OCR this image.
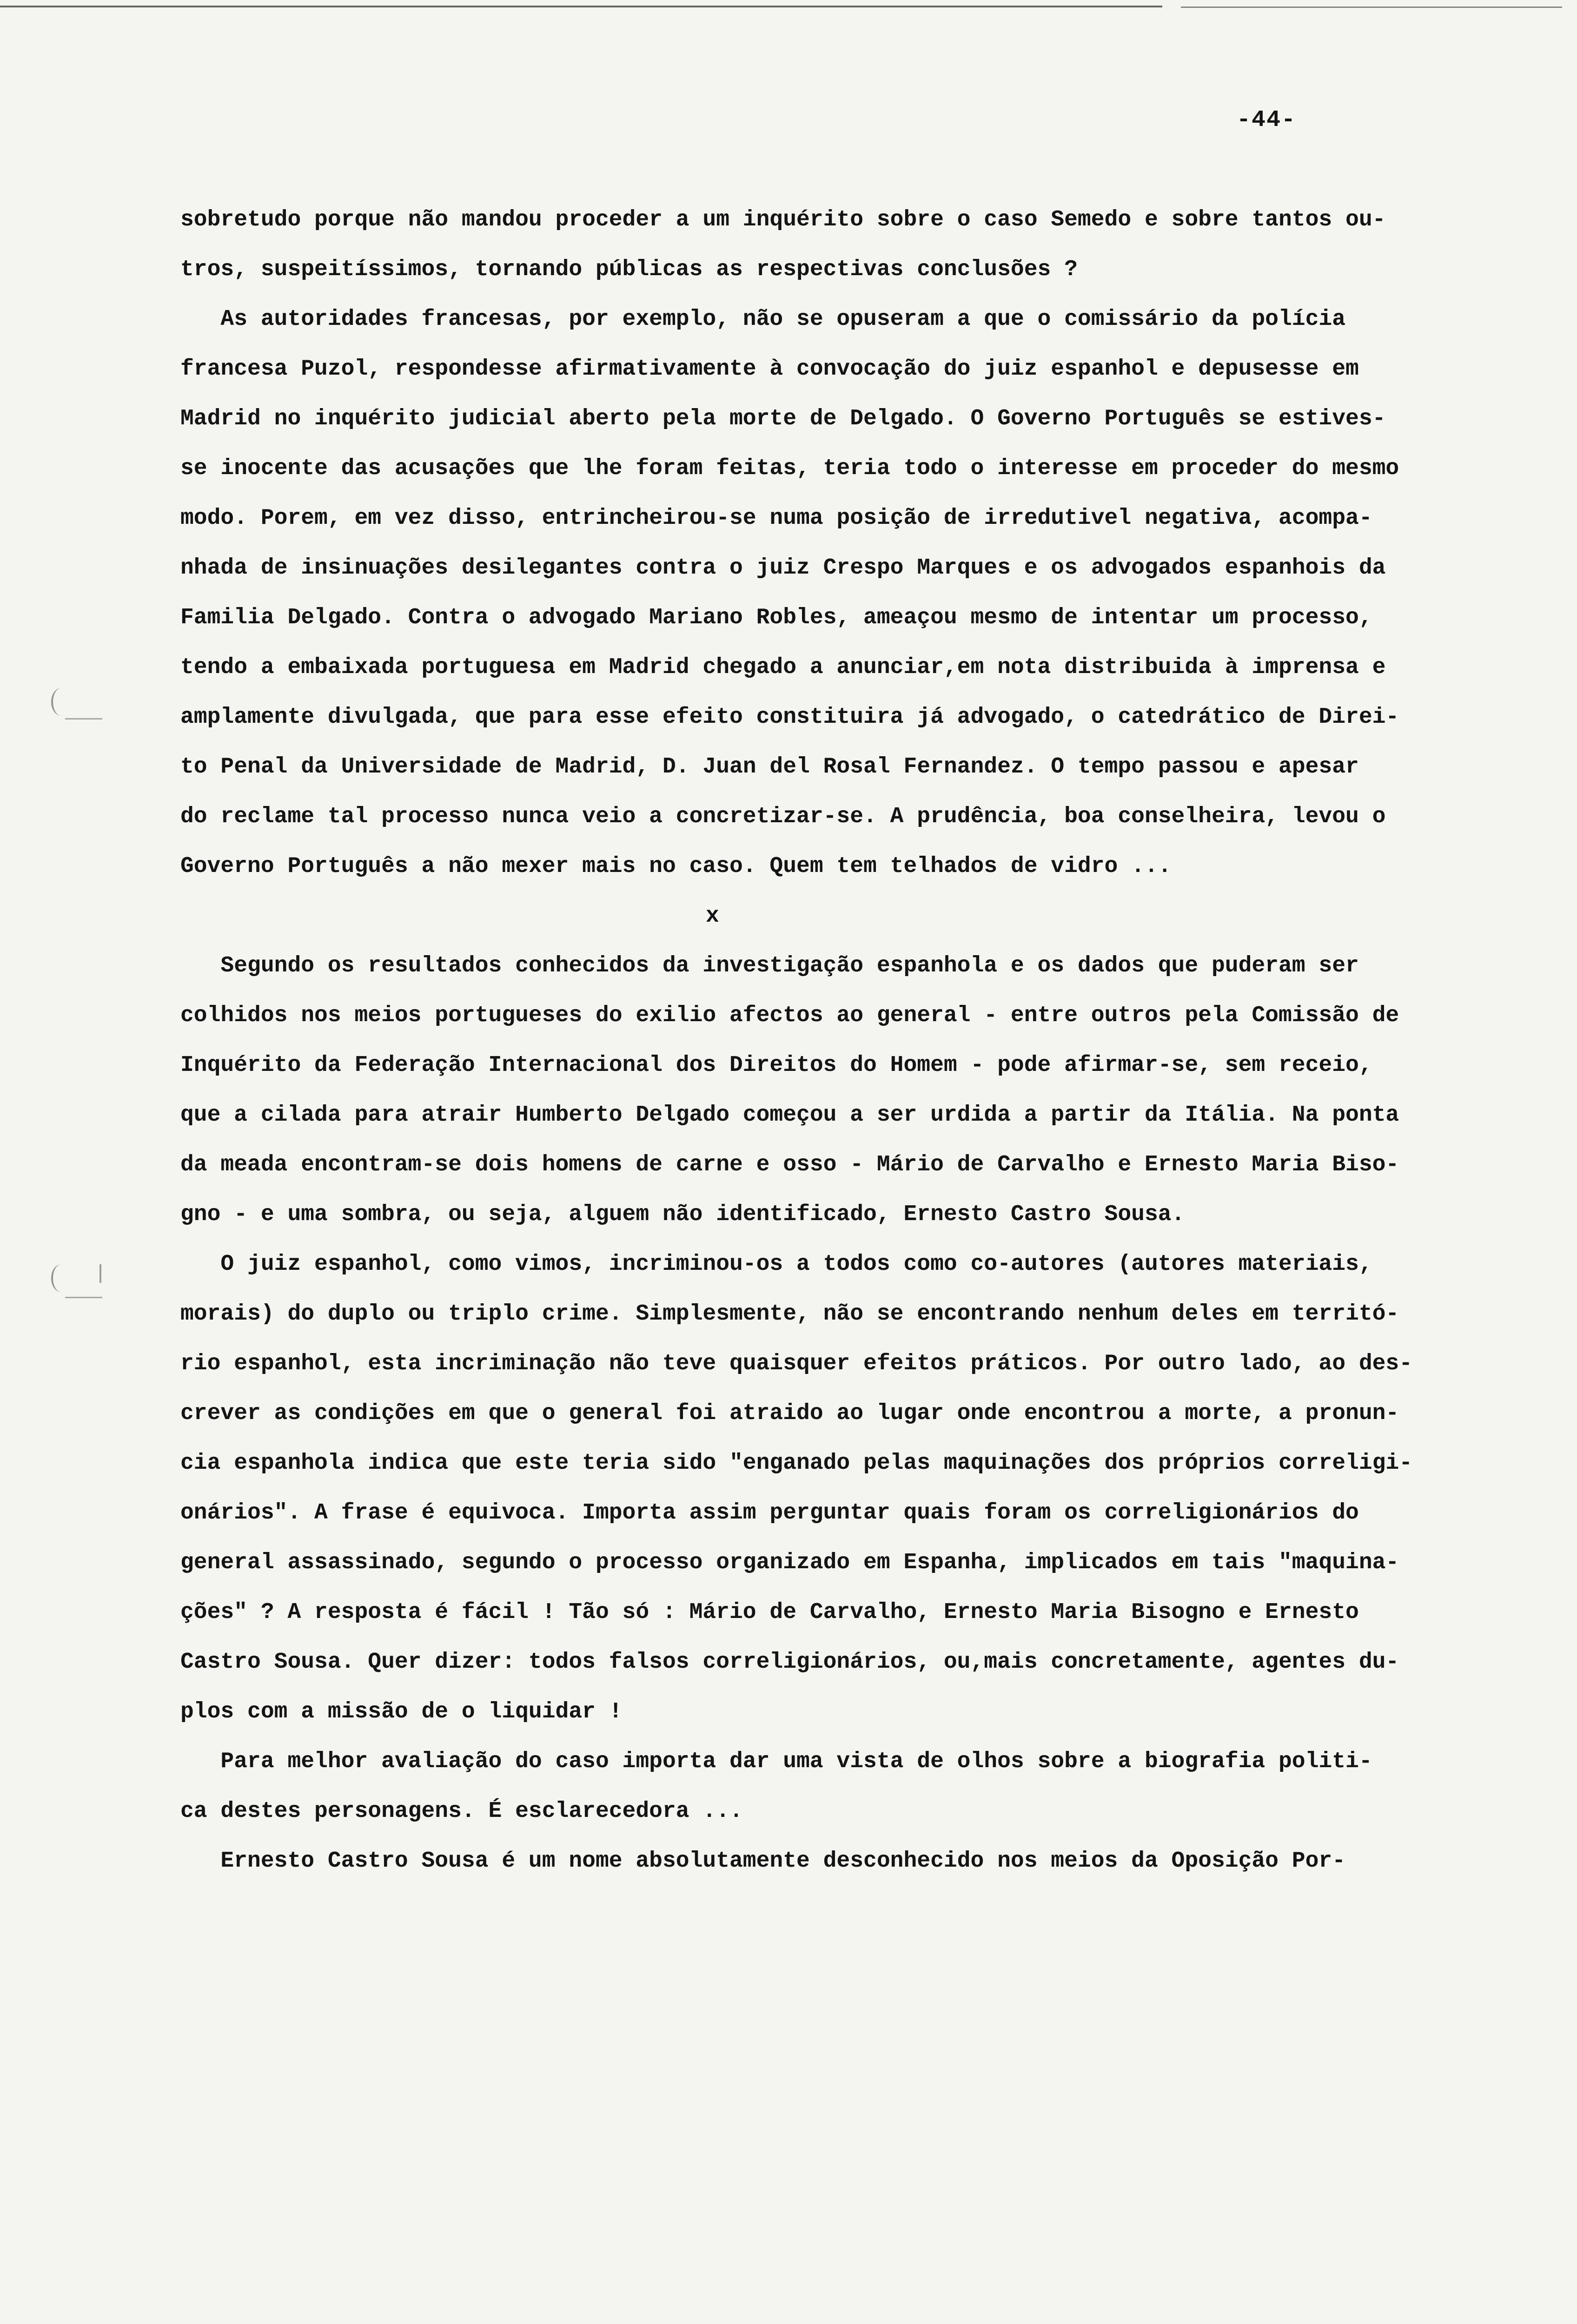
-44-
sobretudo porque não mandou proceder a um inquérito sobre o caso Semedo e sobre tantos ou-
tros, suspeitíssimos, tornando públicas as respectivas conclusões ?
As autoridades francesas, por exemplo, não se opuseram a que o comissário da polícia
francesa Puzol, respondesse afirmativamente à convocação do juiz espanhol e depusesse em
Madrid no inquérito judicial aberto pela morte de Delgado. O Governo Português se estives-
se inocente das acusações que lhe foram feitas, teria todo o interesse em proceder do mesmo
modo. Porem, em vez disso, entrincheirou-se numa posição de irredutivel negativa, acompa-
nhada de insinuações desilegantes contra o juiz Crespo Marques e os advogados espanhois da
Familia Delgado. Contra o advogado Mariano Robles, ameaçou mesmo de intentar um processo,
tendo a embaixada portuguesa em Madrid chegado a anunciar,em nota distribuida à imprensa e
amplamente divulgada, que para esse efeito constituira já advogado, o catedrático de Direi-
to Penal da Universidade de Madrid, D. Juan del Rosal Fernandez. O tempo passou e apesar
do reclame tal processo nunca veio a concretizar-se. A prudência, boa conselheira, levou o
Governo Português a não mexer mais no caso. Quem tem telhados de vidro ...
x
Segundo os resultados conhecidos da investigação espanhola e os dados que puderam ser
colhidos nos meios portugueses do exilio afectos ao general - entre outros pela Comissão de
Inquérito da Federação Internacional dos Direitos do Homem - pode afirmar-se, sem receio,
que a cilada para atrair Humberto Delgado começou a ser urdida a partir da Itália. Na ponta
da meada encontram-se dois homens de carne e osso - Mário de Carvalho e Ernesto Maria Biso-
gno - e uma sombra, ou seja, alguem não identificado, Ernesto Castro Sousa.
O juiz espanhol, como vimos, incriminou-os a todos como co-autores (autores materiais,
morais) do duplo ou triplo crime. Simplesmente, não se encontrando nenhum deles em territó-
rio espanhol, esta incriminação não teve quaisquer efeitos práticos. Por outro lado, ao des-
crever as condições em que o general foi atraido ao lugar onde encontrou a morte, a pronun-
cia espanhola indica que este teria sido "enganado pelas maquinações dos próprios correligi-
onários". A frase é equivoca. Importa assim perguntar quais foram os correligionários do
general assassinado, segundo o processo organizado em Espanha, implicados em tais "maquina-
ções" ? A resposta é fácil ! Tão só : Mário de Carvalho, Ernesto Maria Bisogno e Ernesto
Castro Sousa. Quer dizer: todos falsos correligionários, ou,mais concretamente, agentes du-
plos com a missão de o liquidar !
Para melhor avaliação do caso importa dar uma vista de olhos sobre a biografia politi-
ca destes personagens. É esclarecedora ...
Ernesto Castro Sousa é um nome absolutamente desconhecido nos meios da Oposição Por-
